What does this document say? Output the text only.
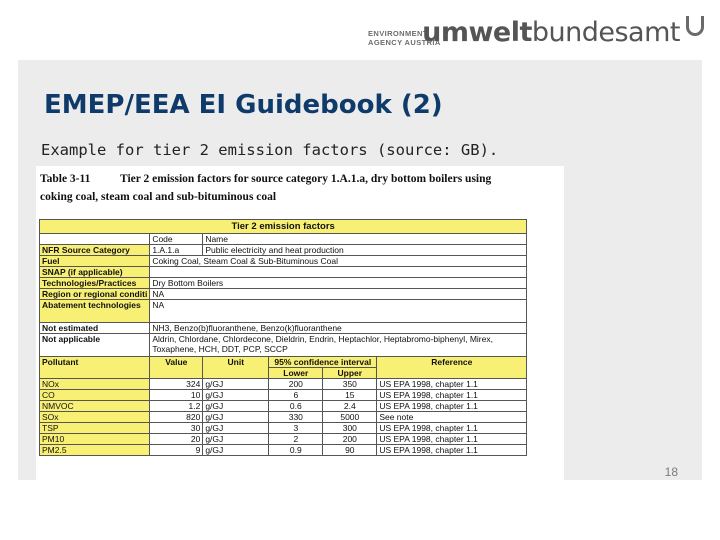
ENVIRONMENT
AGENCY AUSTRIA
umweltbundesamt
EMEP/EEA EI Guidebook (2)
Example for tier 2 emission factors (source: GB).
Table 3-11	Tier 2 emission factors for source category 1.A.1.a, dry bottom boilers using
coking coal, steam coal and sub-bituminous coal
Tier 2 emission factors					
	Code	Name			
NFR Source Category	1.A.1.a	Public electricity and heat production			
Fuel	Coking Coal, Steam Coal & Sub-Bituminous Coal				
SNAP (if applicable)					
Technologies/Practices	Dry Bottom Boilers				
Region or regional conditi	NA				
Abatement technologies	NA				
Not estimated	NH3, Benzo(b)fluoranthene, Benzo(k)fluoranthene				
Not applicable	Aldrin, Chlordane, Chlordecone, Dieldrin, Endrin, Heptachlor, Heptabromo-biphenyl, Mirex,
Toxaphene, HCH, DDT, PCP, SCCP				
Pollutant	Value	Unit	95% confidence interval		Reference
			Lower	Upper	
NOx	324	g/GJ	200	350	US EPA 1998, chapter 1.1
CO	10	g/GJ	6	15	US EPA 1998, chapter 1.1
NMVOC	1.2	g/GJ	0.6	2.4	US EPA 1998, chapter 1.1
SOx	820	g/GJ	330	5000	See note
TSP	30	g/GJ	3	300	US EPA 1998, chapter 1.1
PM10	20	g/GJ	2	200	US EPA 1998, chapter 1.1
PM2.5	9	g/GJ	0.9	90	US EPA 1998, chapter 1.1
18
